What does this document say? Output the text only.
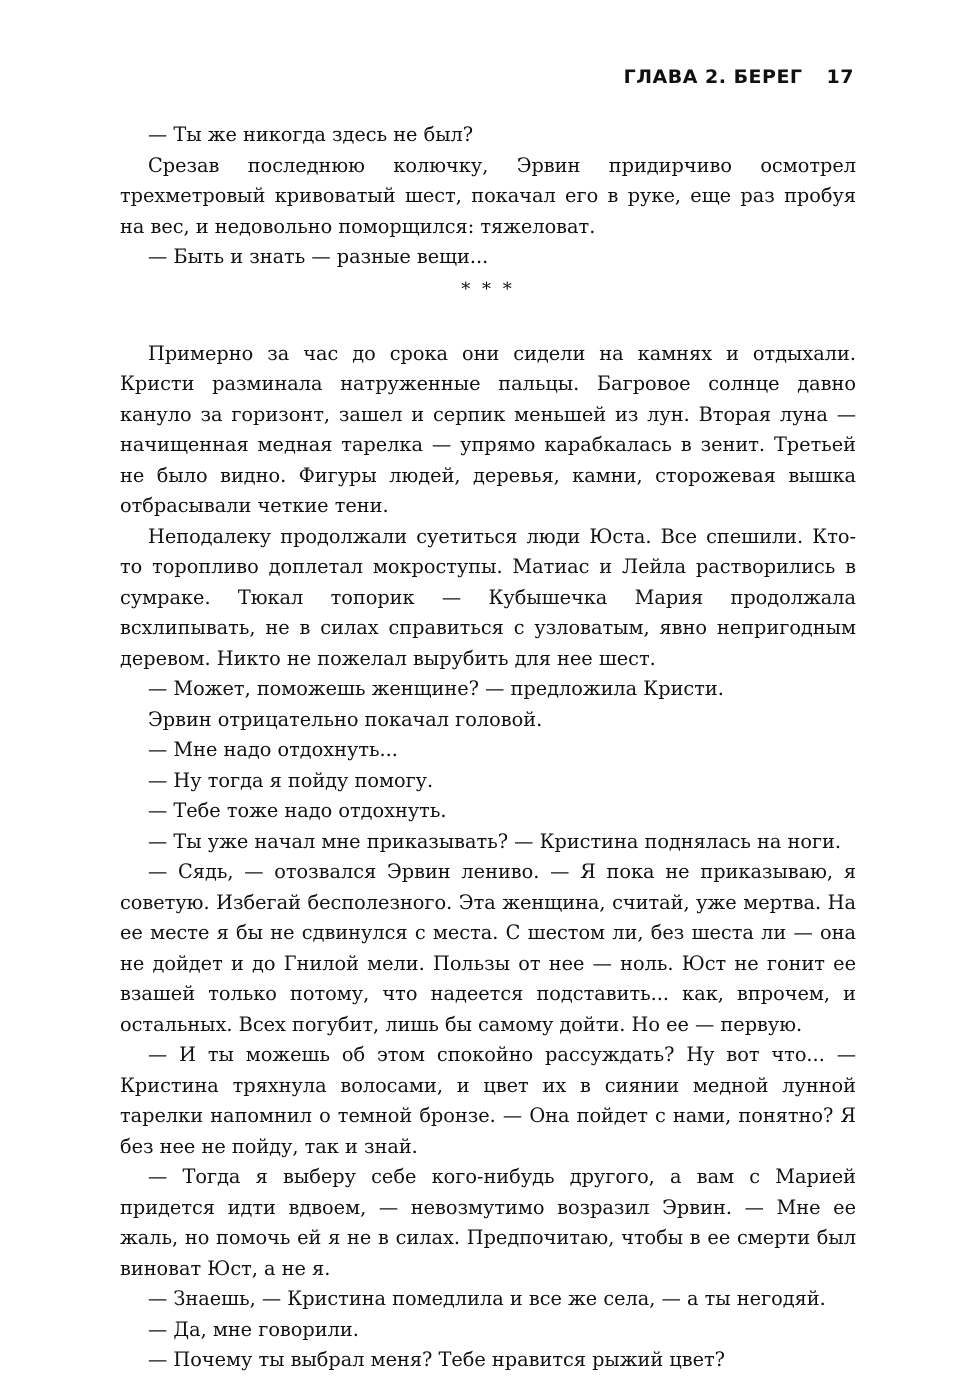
ГЛАВА 2. БЕРЕГ 17

— Ты же никогда здесь не был?

Срезав последнюю колючку, Эрвин придирчиво осмотрел трехметровый кривоватый шест, покачал его в руке, еще раз пробуя на вес, и недовольно поморщился: тяжеловат.

— Быть и знать — разные вещи...

* * *

Примерно за час до срока они сидели на камнях и отдыхали. Кристи разминала натруженные пальцы. Багровое солнце давно кануло за горизонт, зашел и серпик меньшей из лун. Вторая луна — начищенная медная тарелка — упрямо карабкалась в зенит. Третьей не было видно. Фигуры людей, деревья, камни, сторожевая вышка отбрасывали четкие тени.

Неподалеку продолжали суетиться люди Юста. Все спешили. Кто-то торопливо доплетал мокроступы. Матиас и Лейла растворились в сумраке. Тюкал топорик — Кубышечка Мария продолжала всхлипывать, не в силах справиться с узловатым, явно непригодным деревом. Никто не пожелал вырубить для нее шест.

— Может, поможешь женщине? — предложила Кристи.

Эрвин отрицательно покачал головой.

— Мне надо отдохнуть...

— Ну тогда я пойду помогу.

— Тебе тоже надо отдохнуть.

— Ты уже начал мне приказывать? — Кристина поднялась на ноги.

— Сядь, — отозвался Эрвин лениво. — Я пока не приказываю, я советую. Избегай бесполезного. Эта женщина, считай, уже мертва. На ее месте я бы не сдвинулся с места. С шестом ли, без шеста ли — она не дойдет и до Гнилой мели. Пользы от нее — ноль. Юст не гонит ее взашей только потому, что надеется подставить... как, впрочем, и остальных. Всех погубит, лишь бы самому дойти. Но ее — первую.

— И ты можешь об этом спокойно рассуждать? Ну вот что... — Кристина тряхнула волосами, и цвет их в сиянии медной лунной тарелки напомнил о темной бронзе. — Она пойдет с нами, понятно? Я без нее не пойду, так и знай.

— Тогда я выберу себе кого-нибудь другого, а вам с Марией придется идти вдвоем, — невозмутимо возразил Эрвин. — Мне ее жаль, но помочь ей я не в силах. Предпочитаю, чтобы в ее смерти был виноват Юст, а не я.

— Знаешь, — Кристина помедлила и все же села, — а ты негодяй.

— Да, мне говорили.

— Почему ты выбрал меня? Тебе нравится рыжий цвет?
